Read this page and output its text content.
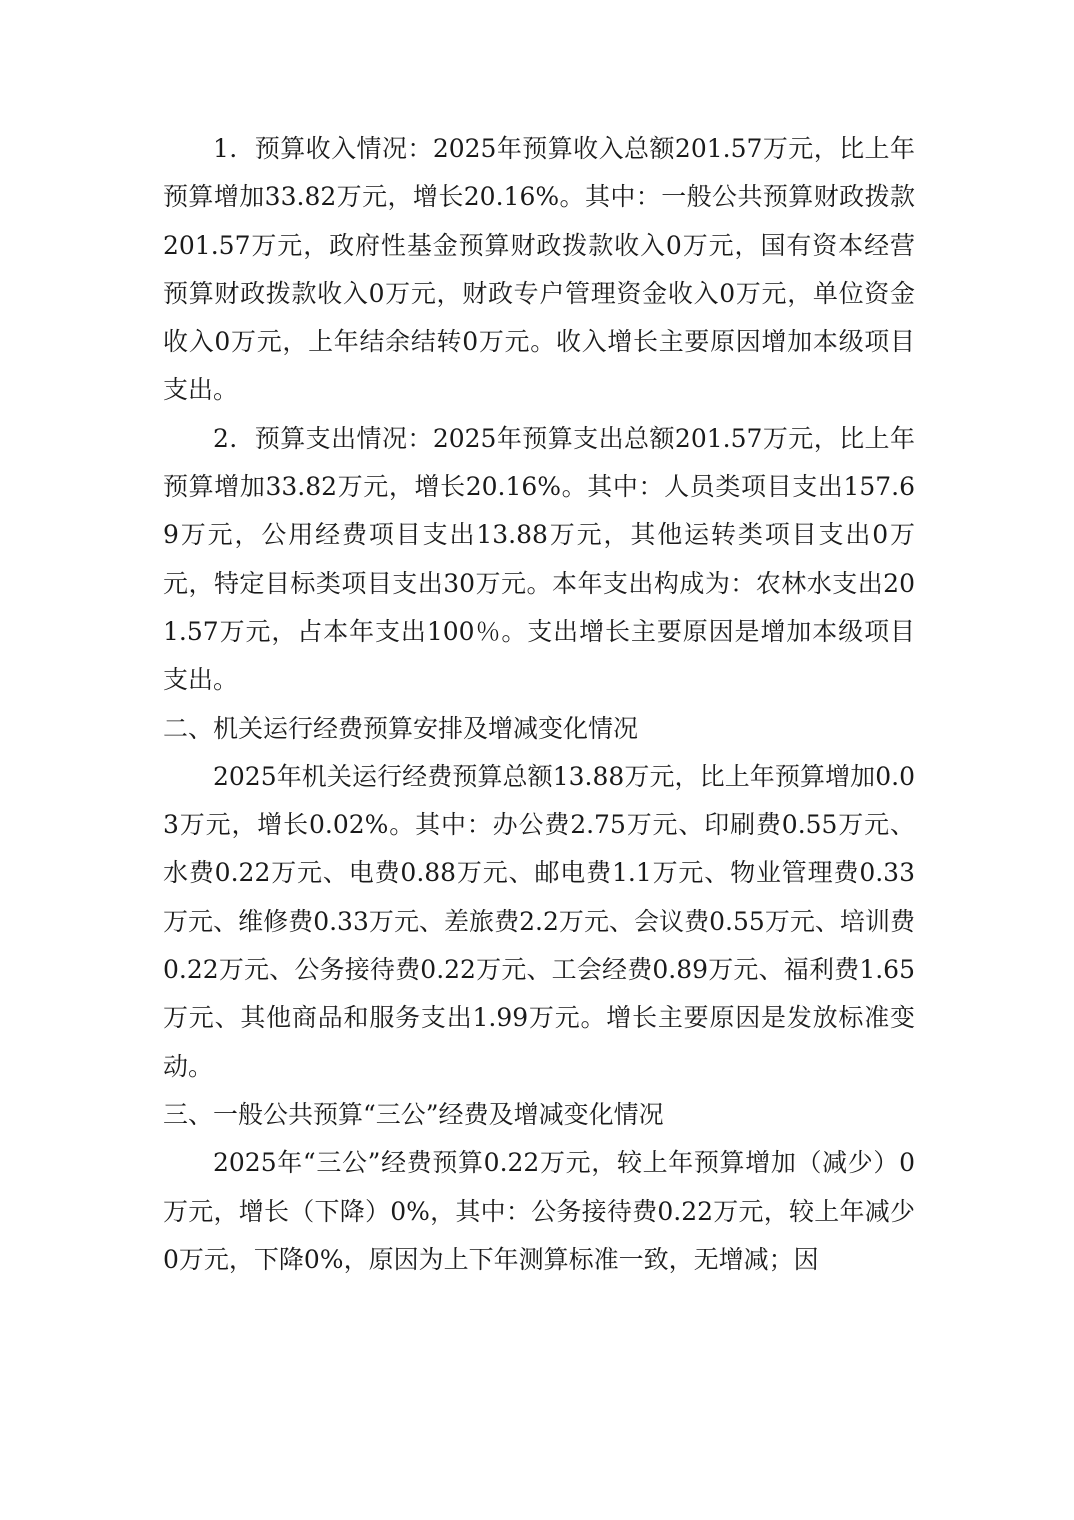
1．预算收入情况：2025年预算收入总额201.57万元，比上年预算增加33.82万元，增长20.16%。其中：一般公共预算财政拨款201.57万元，政府性基金预算财政拨款收入0万元，国有资本经营预算财政拨款收入0万元，财政专户管理资金收入0万元，单位资金收入0万元，上年结余结转0万元。收入增长主要原因增加本级项目支出。

2．预算支出情况：2025年预算支出总额201.57万元，比上年预算增加33.82万元，增长20.16%。其中：人员类项目支出157.69万元，公用经费项目支出13.88万元，其他运转类项目支出0万元，特定目标类项目支出30万元。本年支出构成为：农林水支出201.57万元，占本年支出100％。支出增长主要原因是增加本级项目支出。

二、机关运行经费预算安排及增减变化情况

2025年机关运行经费预算总额13.88万元，比上年预算增加0.03万元，增长0.02%。其中：办公费2.75万元、印刷费0.55万元、水费0.22万元、电费0.88万元、邮电费1.1万元、物业管理费0.33万元、维修费0.33万元、差旅费2.2万元、会议费0.55万元、培训费0.22万元、公务接待费0.22万元、工会经费0.89万元、福利费1.65万元、其他商品和服务支出1.99万元。增长主要原因是发放标准变动。

三、一般公共预算“三公”经费及增减变化情况

2025年“三公”经费预算0.22万元，较上年预算增加（减少）0万元，增长（下降）0%，其中：公务接待费0.22万元，较上年减少0万元，下降0%，原因为上下年测算标准一致，无增减；因
